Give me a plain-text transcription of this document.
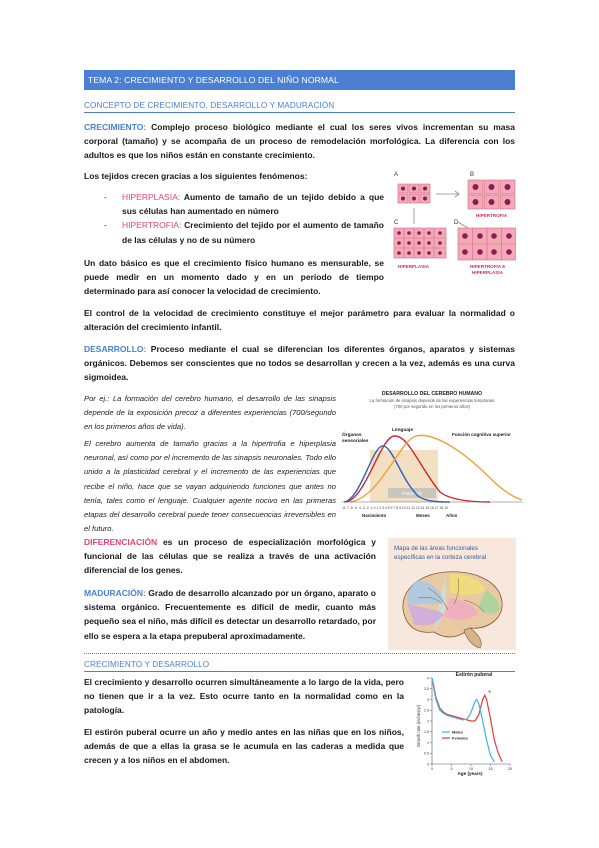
TEMA 2: CRECIMIENTO Y DESARROLLO DEL NIÑO NORMAL
CONCEPTO DE CRECIMIENTO, DESARROLLO Y MADURACIÓN
CRECIMIENTO: Complejo proceso biológico mediante el cual los seres vivos incrementan su masa corporal (tamaño) y se acompaña de un proceso de remodelación morfológica. La diferencia con los adultos es que los niños están en constante crecimiento.
Los tejidos crecen gracias a los siguientes fenómenos:
- HIPERPLASIA: Aumento de tamaño de un tejido debido a que sus células han aumentado en número
- HIPERTROFIA: Crecimiento del tejido por el aumento de tamaño de las células y no de su número
A	B
C	D
HIPERTROFIA
HIPERPLASIA	HIPERTROFIA E
HIPERPLASIA
Un dato básico es que el crecimiento físico humano es mensurable, se puede medir en un momento dado y en un periodo de tiempo determinado para así conocer la velocidad de crecimiento.
El control de la velocidad de crecimiento constituye el mejor parámetro para evaluar la normalidad o alteración del crecimiento infantil.
DESARROLLO: Proceso mediante el cual se diferencian los diferentes órganos, aparatos y sistemas orgánicos. Debemos ser conscientes que no todos se desarrollan y crecen a la vez, además es una curva sigmoidea.
Por ej.: La formación del cerebro humano, el desarrollo de las sinapsis depende de la exposición precoz a diferentes experiencias (700/segundo en los primeros años de vida).
El cerebro aumenta de tamaño gracias a la hipertrofia e hiperplasia neuronal, así como por el incremento de las sinapsis neuronales. Todo ello unido a la plasticidad cerebral y el incremento de las experiencias que recibe el niño, hace que se vayan adquiriendo funciones que antes no tenía, tales como el lenguaje. Cualquier agente nocivo en las primeras etapas del desarrollo cerebral puede tener consecuencias irreversibles en el futuro.
DESARROLLO DEL CEREBRO HUMANO
La formación de sinapsis depende de las experiencias tempranas
(700 por segundo en los primeros años)
Primer año
Órganos
sensoriales
Lenguaje
Función cognitiva superior
-8 -7 -6 -5 -4 -3 -2 -1 0 1 2 3 4 5 6 7 8 9 10 11 12 13 14 15 16 17 18 19
Nacimiento	Meses	Años
DIFERENCIACIÓN es un proceso de especialización morfológica y funcional de las células que se realiza a través de una activación diferencial de los genes.
MADURACIÓN: Grado de desarrollo alcanzado por un órgano, aparato o sistema orgánico. Frecuentemente es difícil de medir, cuanto más pequeño sea el niño, más difícil es detectar un desarrollo retardado, por ello se espera a la etapa prepuberal aproximadamente.
Mapa de las áreas funcionales
específicas en la corteza cerebral
CRECIMIENTO Y DESARROLLO
El crecimiento y desarrollo ocurren simultáneamente a lo largo de la vida, pero no tienen que ir a la vez. Esto ocurre tanto en la normalidad como en la patología.
El estirón puberal ocurre un año y medio antes en las niñas que en los niños, además de que a ellas la grasa se le acumula en las caderas a medida que crecen y a los niños en el abdomen.
Estirón puberal
Growth rate (inches/yr)
Age (years)
0	5	10	15	20
0
0.5
1
1.5
2
2.5
3
3.5
4
Males
Females
*
